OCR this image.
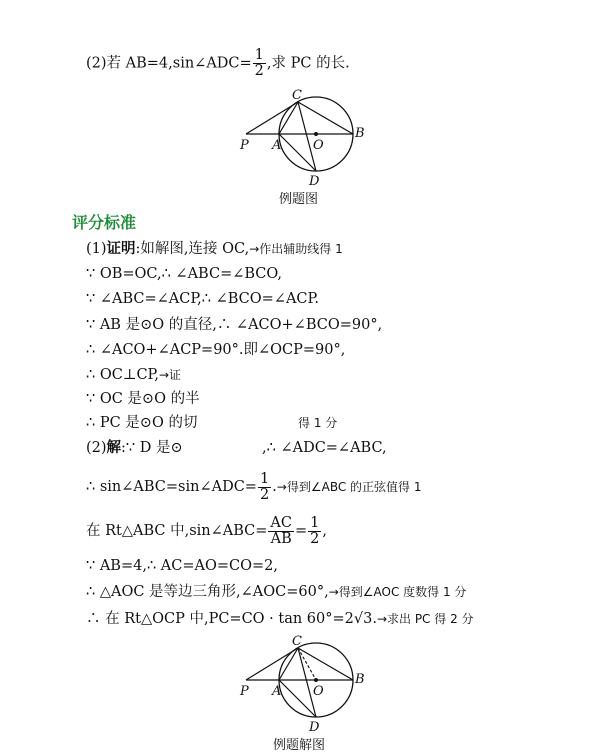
(2)若 AB=4,sin∠ADC= $\frac{1}{2}$ ,求 PC 的长.
C
P A O
B
D
例题图
评分标准
(1)证明:如解图,连接 OC,→作出辅助线得 1
∵ OB=OC,∴ ∠ABC=∠BCO,
∵ ∠ABC=∠ACP,∴ ∠BCO=∠ACP.
∵ AB 是⊙O 的直径,∴ ∠ACO+∠BCO=90°,
∴ ∠ACO+∠ACP=90°.即∠OCP=90°,
∴ OC⊥CP,→证
∵ OC 是⊙O 的半
∴ PC 是⊙O 的切	得 1 分
(2)解:∵ D 是⊙	,∴ ∠ADC=∠ABC,
∴ sin∠ABC=sin∠ADC= $\frac{1}{2}$ .→得到∠ABC 的正弦值得 1
在 Rt△ABC 中,sin∠ABC= $\frac{AC}{AB} = \frac{1}{2}$ ,
∵ AB=4,∴ AC=AO=CO=2,
∴ △AOC 是等边三角形,∠AOC=60°,→得到∠AOC 度数得 1 分
∴ 在 Rt△OCP 中,PC=CO · tan 60°=2√3.→求出 PC 得 2 分
C
P A O
B
D
例题解图
